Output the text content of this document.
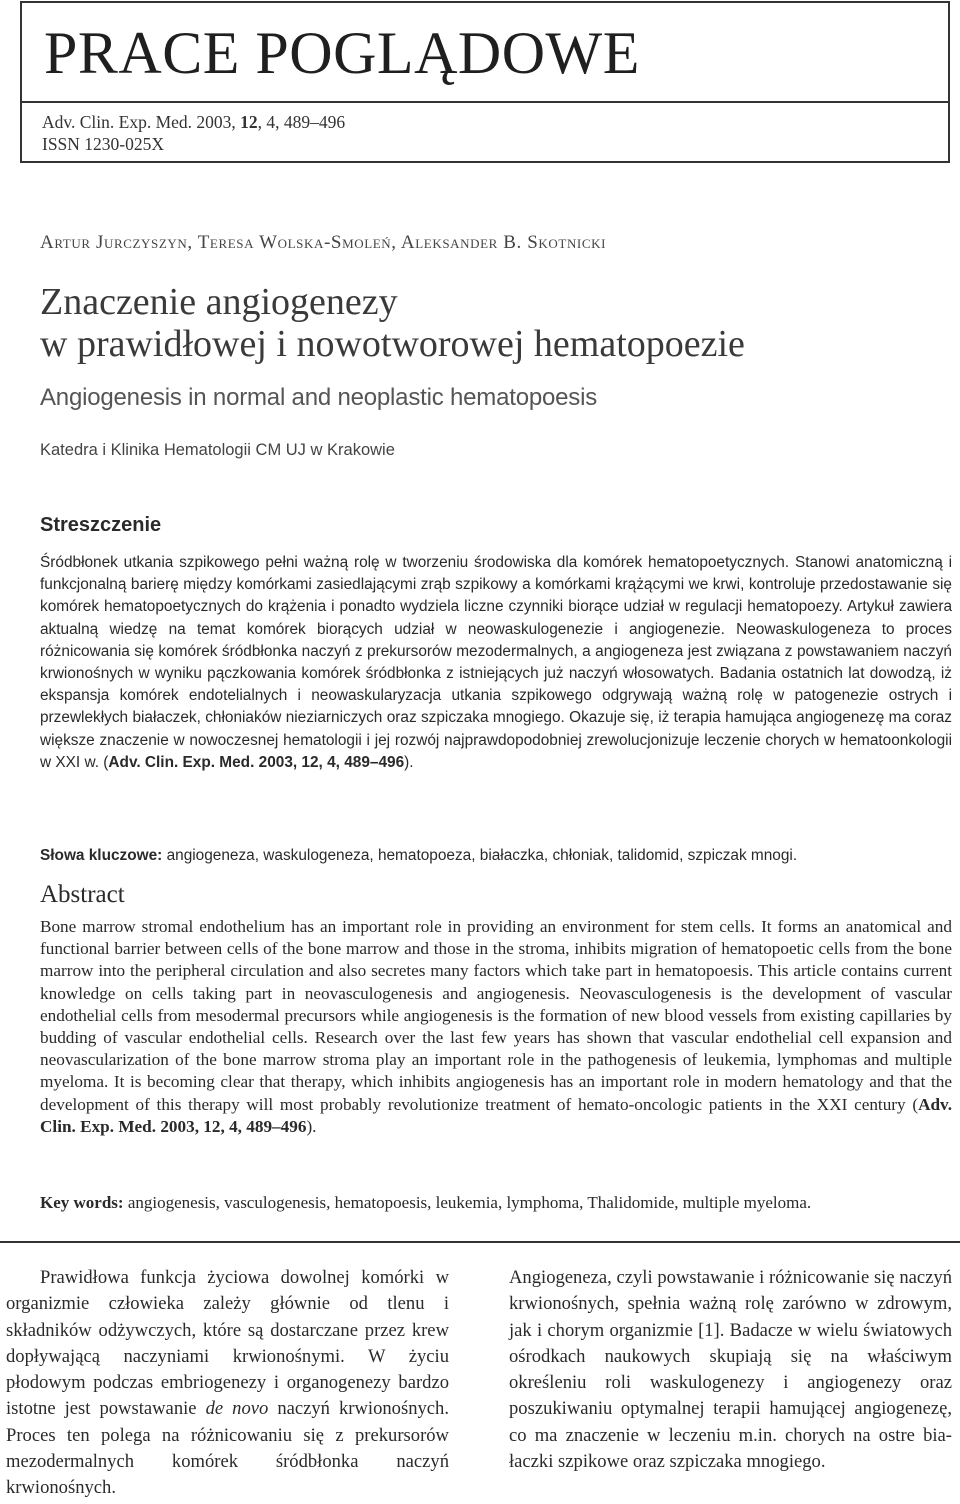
PRACE POGLĄDOWE
Adv. Clin. Exp. Med. 2003, 12, 4, 489–496
ISSN 1230-025X
Artur Jurczyszyn, Teresa Wolska-Smoleń, Aleksander B. Skotnicki
Znaczenie angiogenezy
w prawidłowej i nowotworowej hematopoezie
Angiogenesis in normal and neoplastic hematopoesis
Katedra i Klinika Hematologii CM UJ w Krakowie
Streszczenie

Śródbłonek utkania szpikowego pełni ważną rolę w tworzeniu środowiska dla komórek hematopoetycznych. Stanowi anatomiczną i funkcjonalną barierę między komórkami zasiedlającymi zrąb szpikowy a komórkami krążącymi we krwi, kontroluje przedostawanie się komórek hematopoetycznych do krążenia i ponadto wydziela liczne czynniki biorące udział w regulacji hematopoezy. Artykuł zawiera aktualną wiedzę na temat komórek biorących udział w neowaskulogenezie i angiogenezie. Neowaskulogeneza to proces różnicowania się komórek śródbłonka naczyń z prekursorów mezodermalnych, a angiogeneza jest związana z powstawaniem naczyń krwionośnych w wyniku pączkowania komórek śródbłonka z istniejących już naczyń włosowatych. Badania ostatnich lat dowodzą, iż ekspansja komórek endotelialnych i neowaskularyzacja utkania szpikowego odgrywają ważną rolę w patogenezie ostrych i przewlekłych białaczek, chłoniaków nieziarniczych oraz szpiczaka mnogiego. Okazuje się, iż terapia hamująca angiogenezę ma coraz większe znaczenie w nowoczesnej hematologii i jej rozwój najprawdopodobniej zrewolucjonizuje leczenie chorych w hematoonkologii w XXI w. (Adv. Clin. Exp. Med. 2003, 12, 4, 489–496).

Słowa kluczowe: angiogeneza, waskulogeneza, hematopoeza, białaczka, chłoniak, talidomid, szpiczak mnogi.

Abstract

Bone marrow stromal endothelium has an important role in providing an environment for stem cells. It forms an anatomical and functional barrier between cells of the bone marrow and those in the stroma, inhibits migration of hematopoetic cells from the bone marrow into the peripheral circulation and also secretes many factors which take part in hematopoesis. This article contains current knowledge on cells taking part in neovasculogenesis and angiogenesis. Neovasculogenesis is the development of vascular endothelial cells from mesodermal precursors while angiogenesis is the formation of new blood vessels from existing capillaries by budding of vascular endothelial cells. Research over the last few years has shown that vascular endothelial cell expansion and neovascularization of the bone marrow stroma play an important role in the pathogenesis of leukemia, lymphomas and multiple myeloma. It is becoming clear that therapy, which inhibits angiogenesis has an important role in modern hematology and that the development of this therapy will most probably revolutionize treatment of hemato-oncologic patients in the XXI century (Adv. Clin. Exp. Med. 2003, 12, 4, 489–496).

Key words: angiogenesis, vasculogenesis, hematopoesis, leukemia, lymphoma, Thalidomide, multiple myeloma.

Prawidłowa funkcja życiowa dowolnej komórki w organizmie człowieka zależy głównie od tlenu i składników odżywczych, które są dostarczane przez krew dopływającą naczyniami krwionośnymi. W życiu płodowym podczas embriogenezy i organogenezy bardzo istotne jest powstawanie de novo naczyń krwionośnych. Proces ten polega na różnicowaniu się z prekursorów mezodermalnych komórek śródbłonka naczyń krwionośnych.

Angiogeneza, czyli powstawanie i różnicowanie się naczyń krwionośnych, spełnia ważną rolę zarówno w zdrowym, jak i chorym organizmie [1]. Badacze w wielu światowych ośrodkach naukowych skupiają się na właściwym określeniu roli waskulogenezy i angiogenezy oraz poszukiwaniu optymalnej terapii hamującej angiogenezę, co ma znaczenie w leczeniu m.in. chorych na ostre białaczki szpikowe oraz szpiczaka mnogiego.
